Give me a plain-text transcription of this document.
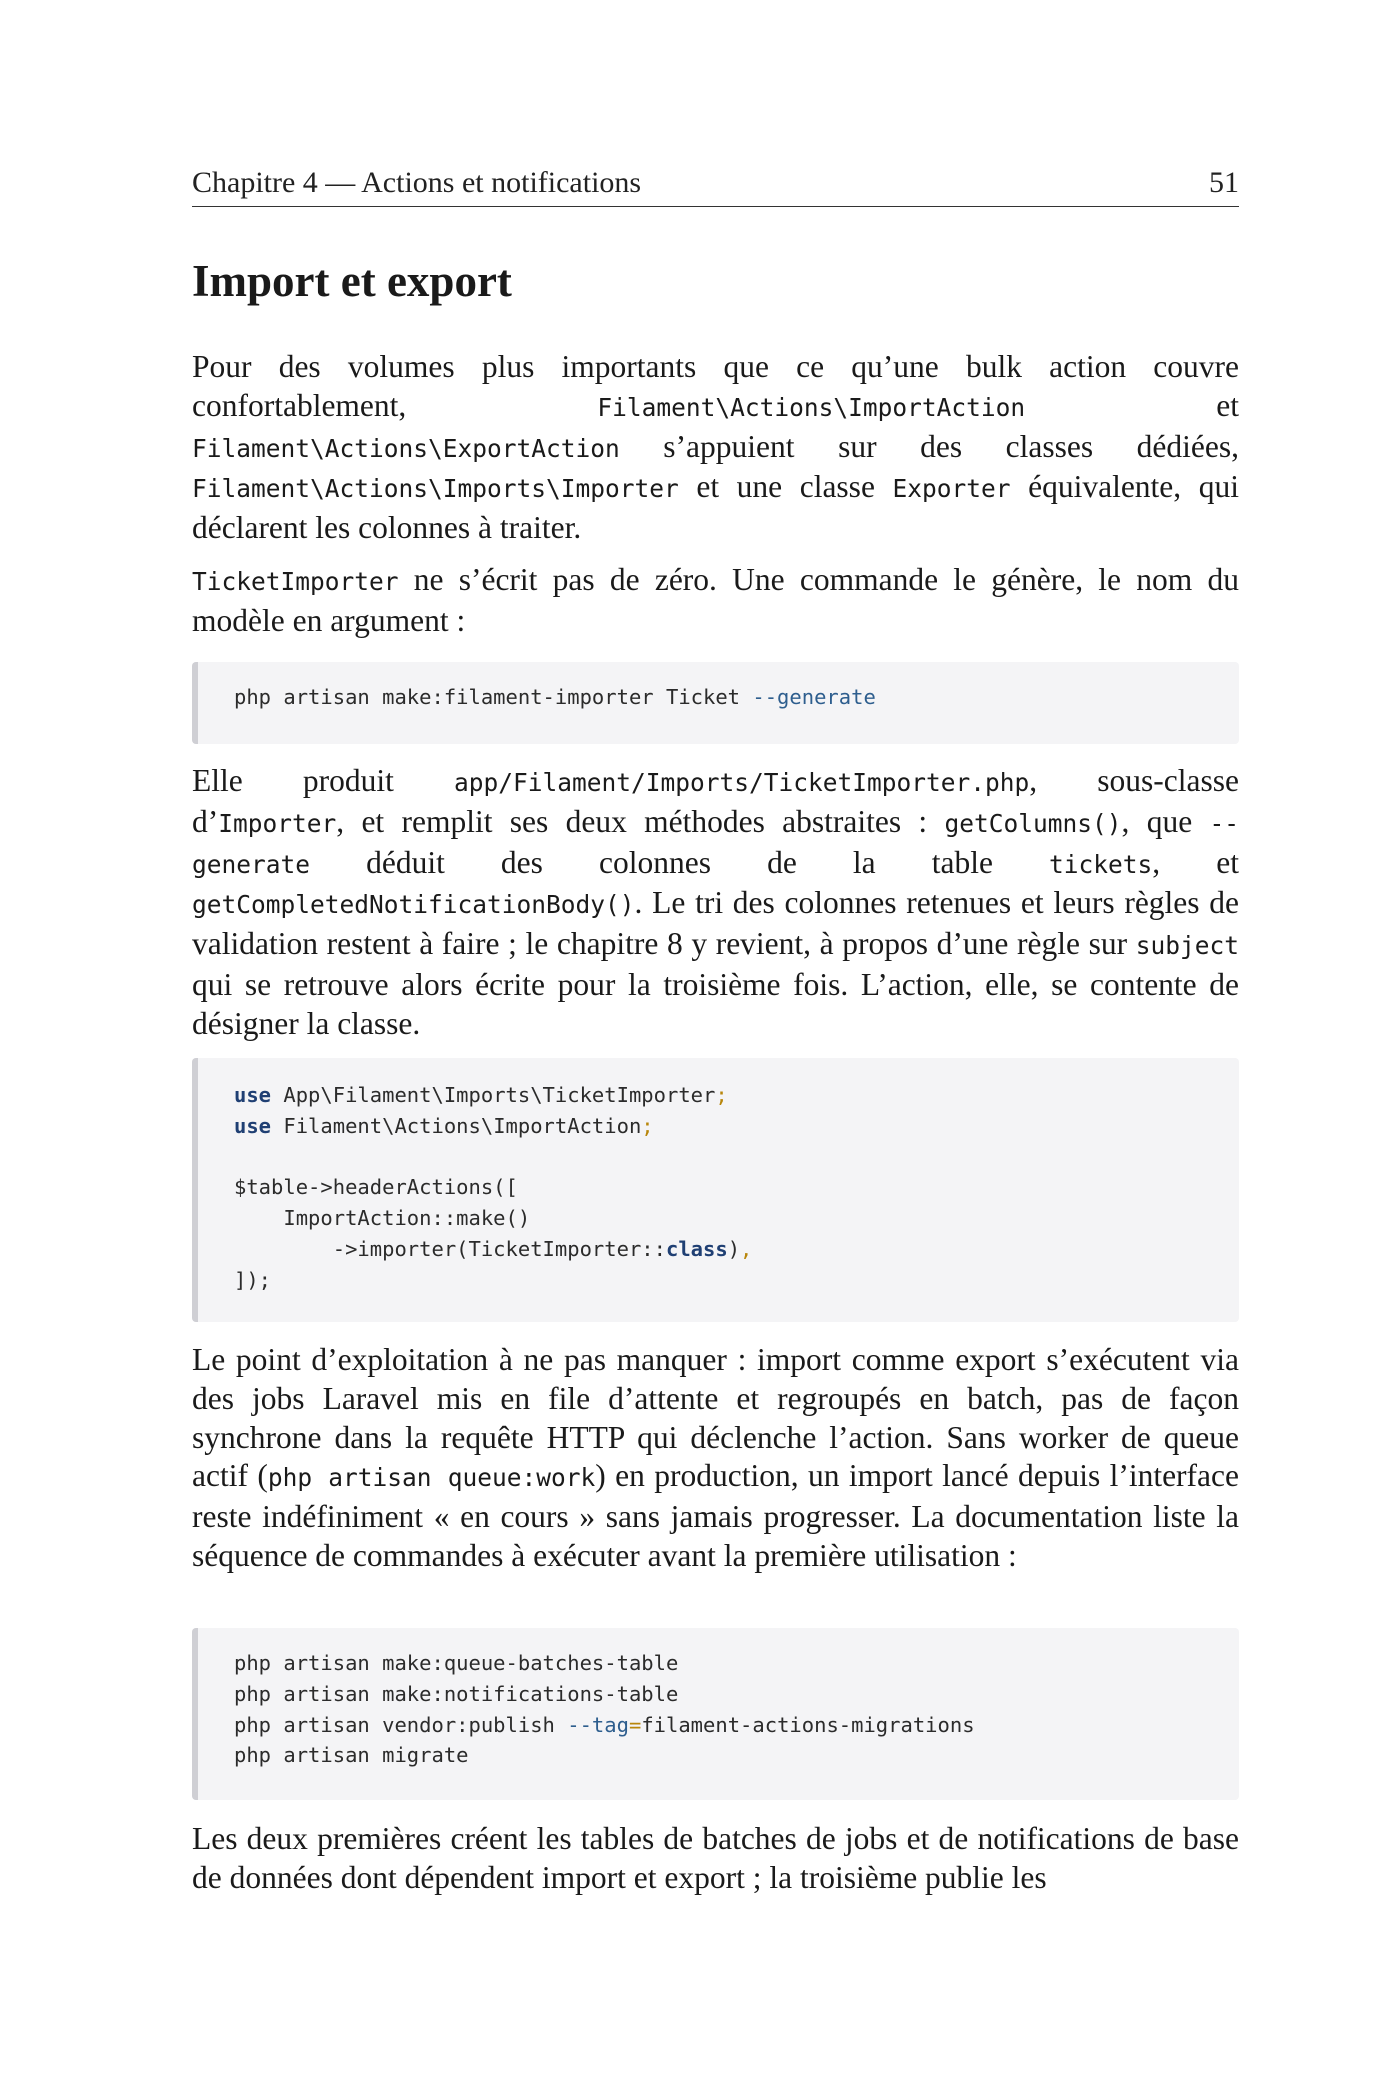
Chapitre 4 — Actions et notifications	51
Import et export

Pour des volumes plus importants que ce qu’une bulk action couvre confortablement, Filament\Actions\ImportAction et Filament\Actions\ExportAction s’appuient sur des classes dédiées, Filament\Actions\Imports\Importer et une classe Exporter équivalente, qui déclarent les colonnes à traiter.

TicketImporter ne s’écrit pas de zéro. Une commande le génère, le nom du modèle en argument :

php artisan make:filament-importer Ticket --generate

Elle produit app/Filament/Imports/TicketImporter.php, sous-classe d’Importer, et remplit ses deux méthodes abstraites : getColumns(), que --generate déduit des colonnes de la table tickets, et getCompletedNotificationBody(). Le tri des colonnes retenues et leurs règles de validation restent à faire ; le chapitre 8 y revient, à propos d’une règle sur subject qui se retrouve alors écrite pour la troisième fois. L’action, elle, se contente de désigner la classe.

use App\Filament\Imports\TicketImporter;
use Filament\Actions\ImportAction;
$table->headerActions([
ImportAction::make()
->importer(TicketImporter::class),
]);

Le point d’exploitation à ne pas manquer : import comme export s’exécutent via des jobs Laravel mis en file d’attente et regroupés en batch, pas de façon synchrone dans la requête HTTP qui déclenche l’action. Sans worker de queue actif (php artisan queue:work) en production, un import lancé depuis l’interface reste indéfiniment « en cours » sans jamais progresser. La documentation liste la séquence de commandes à exécuter avant la première utilisation :

php artisan make:queue-batches-table
php artisan make:notifications-table
php artisan vendor:publish --tag=filament-actions-migrations
php artisan migrate

Les deux premières créent les tables de batches de jobs et de notifications de base de données dont dépendent import et export ; la troisième publie les
